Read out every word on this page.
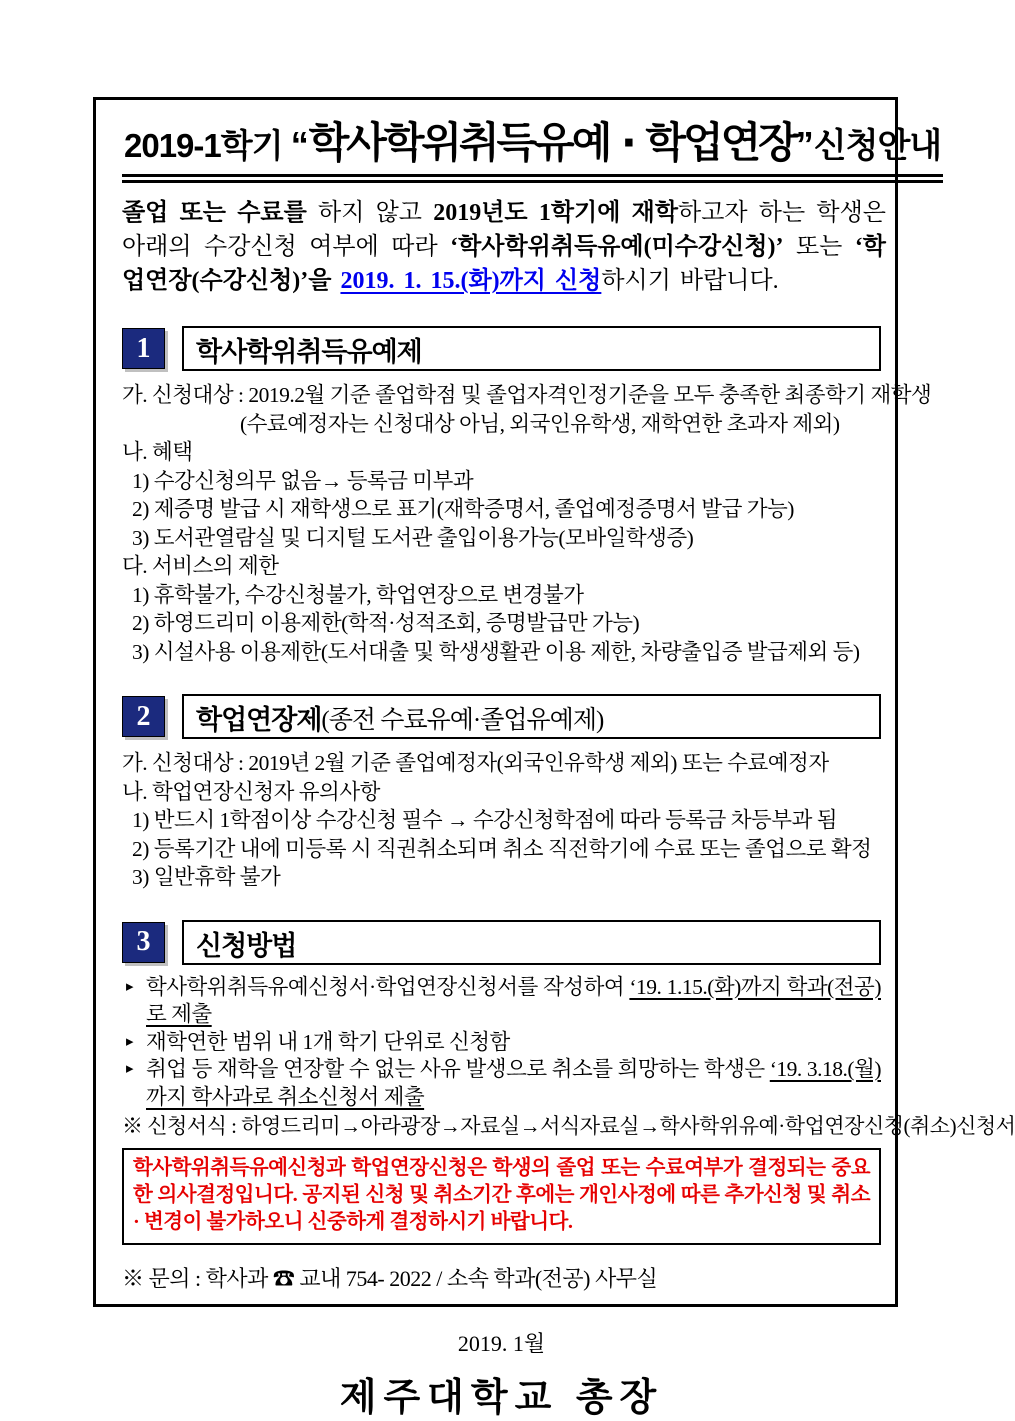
2019-1학기 “학사학위취득유예 · 학업연장”신청안내
졸업 또는 수료를 하지 않고 2019년도 1학기에 재학하고자 하는 학생은 아래의 수강신청 여부에 따라 ‘학사학위취득유예(미수강신청)’ 또는 ‘학업연장(수강신청)’을 2019. 1. 15.(화)까지 신청하시기 바랍니다.
1	학사학위취득유예제
가. 신청대상 : 2019.2월 기준 졸업학점 및 졸업자격인정기준을 모두 충족한 최종학기 재학생
(수료예정자는 신청대상 아님, 외국인유학생, 재학연한 초과자 제외)
나. 혜택
1) 수강신청의무 없음→ 등록금 미부과
2) 제증명 발급 시 재학생으로 표기(재학증명서, 졸업예정증명서 발급 가능)
3) 도서관열람실 및 디지털 도서관 출입이용가능(모바일학생증)
다. 서비스의 제한
1) 휴학불가, 수강신청불가, 학업연장으로 변경불가
2) 하영드리미 이용제한(학적·성적조회, 증명발급만 가능)
3) 시설사용 이용제한(도서대출 및 학생생활관 이용 제한, 차량출입증 발급제외 등)
2	학업연장제 (종전 수료유예·졸업유예제)
가. 신청대상 : 2019년 2월 기준 졸업예정자(외국인유학생 제외) 또는 수료예정자
나. 학업연장신청자 유의사항
1) 반드시 1학점이상 수강신청 필수 → 수강신청학점에 따라 등록금 차등부과 됨
2) 등록기간 내에 미등록 시 직권취소되며 취소 직전학기에 수료 또는 졸업으로 확정
3) 일반휴학 불가
3	신청방법
▸ 학사학위취득유예신청서·학업연장신청서를 작성하여 ‘19. 1.15.(화)까지 학과(전공)로 제출
▸ 재학연한 범위 내 1개 학기 단위로 신청함
▸ 취업 등 재학을 연장할 수 없는 사유 발생으로 취소를 희망하는 학생은 ‘19. 3.18.(월)까지 학사과로 취소신청서 제출
※ 신청서식 : 하영드리미→아라광장→자료실→서식자료실→학사학위유예·학업연장신청(취소)신청서
학사학위취득유예신청과 학업연장신청은 학생의 졸업 또는 수료여부가 결정되는 중요한 의사결정입니다. 공지된 신청 및 취소기간 후에는 개인사정에 따른 추가신청 및 취소 · 변경이 불가하오니 신중하게 결정하시기 바랍니다.
※ 문의 : 학사과 ☎ 교내 754- 2022 / 소속 학과(전공) 사무실
2019. 1월
제주대학교 총장
